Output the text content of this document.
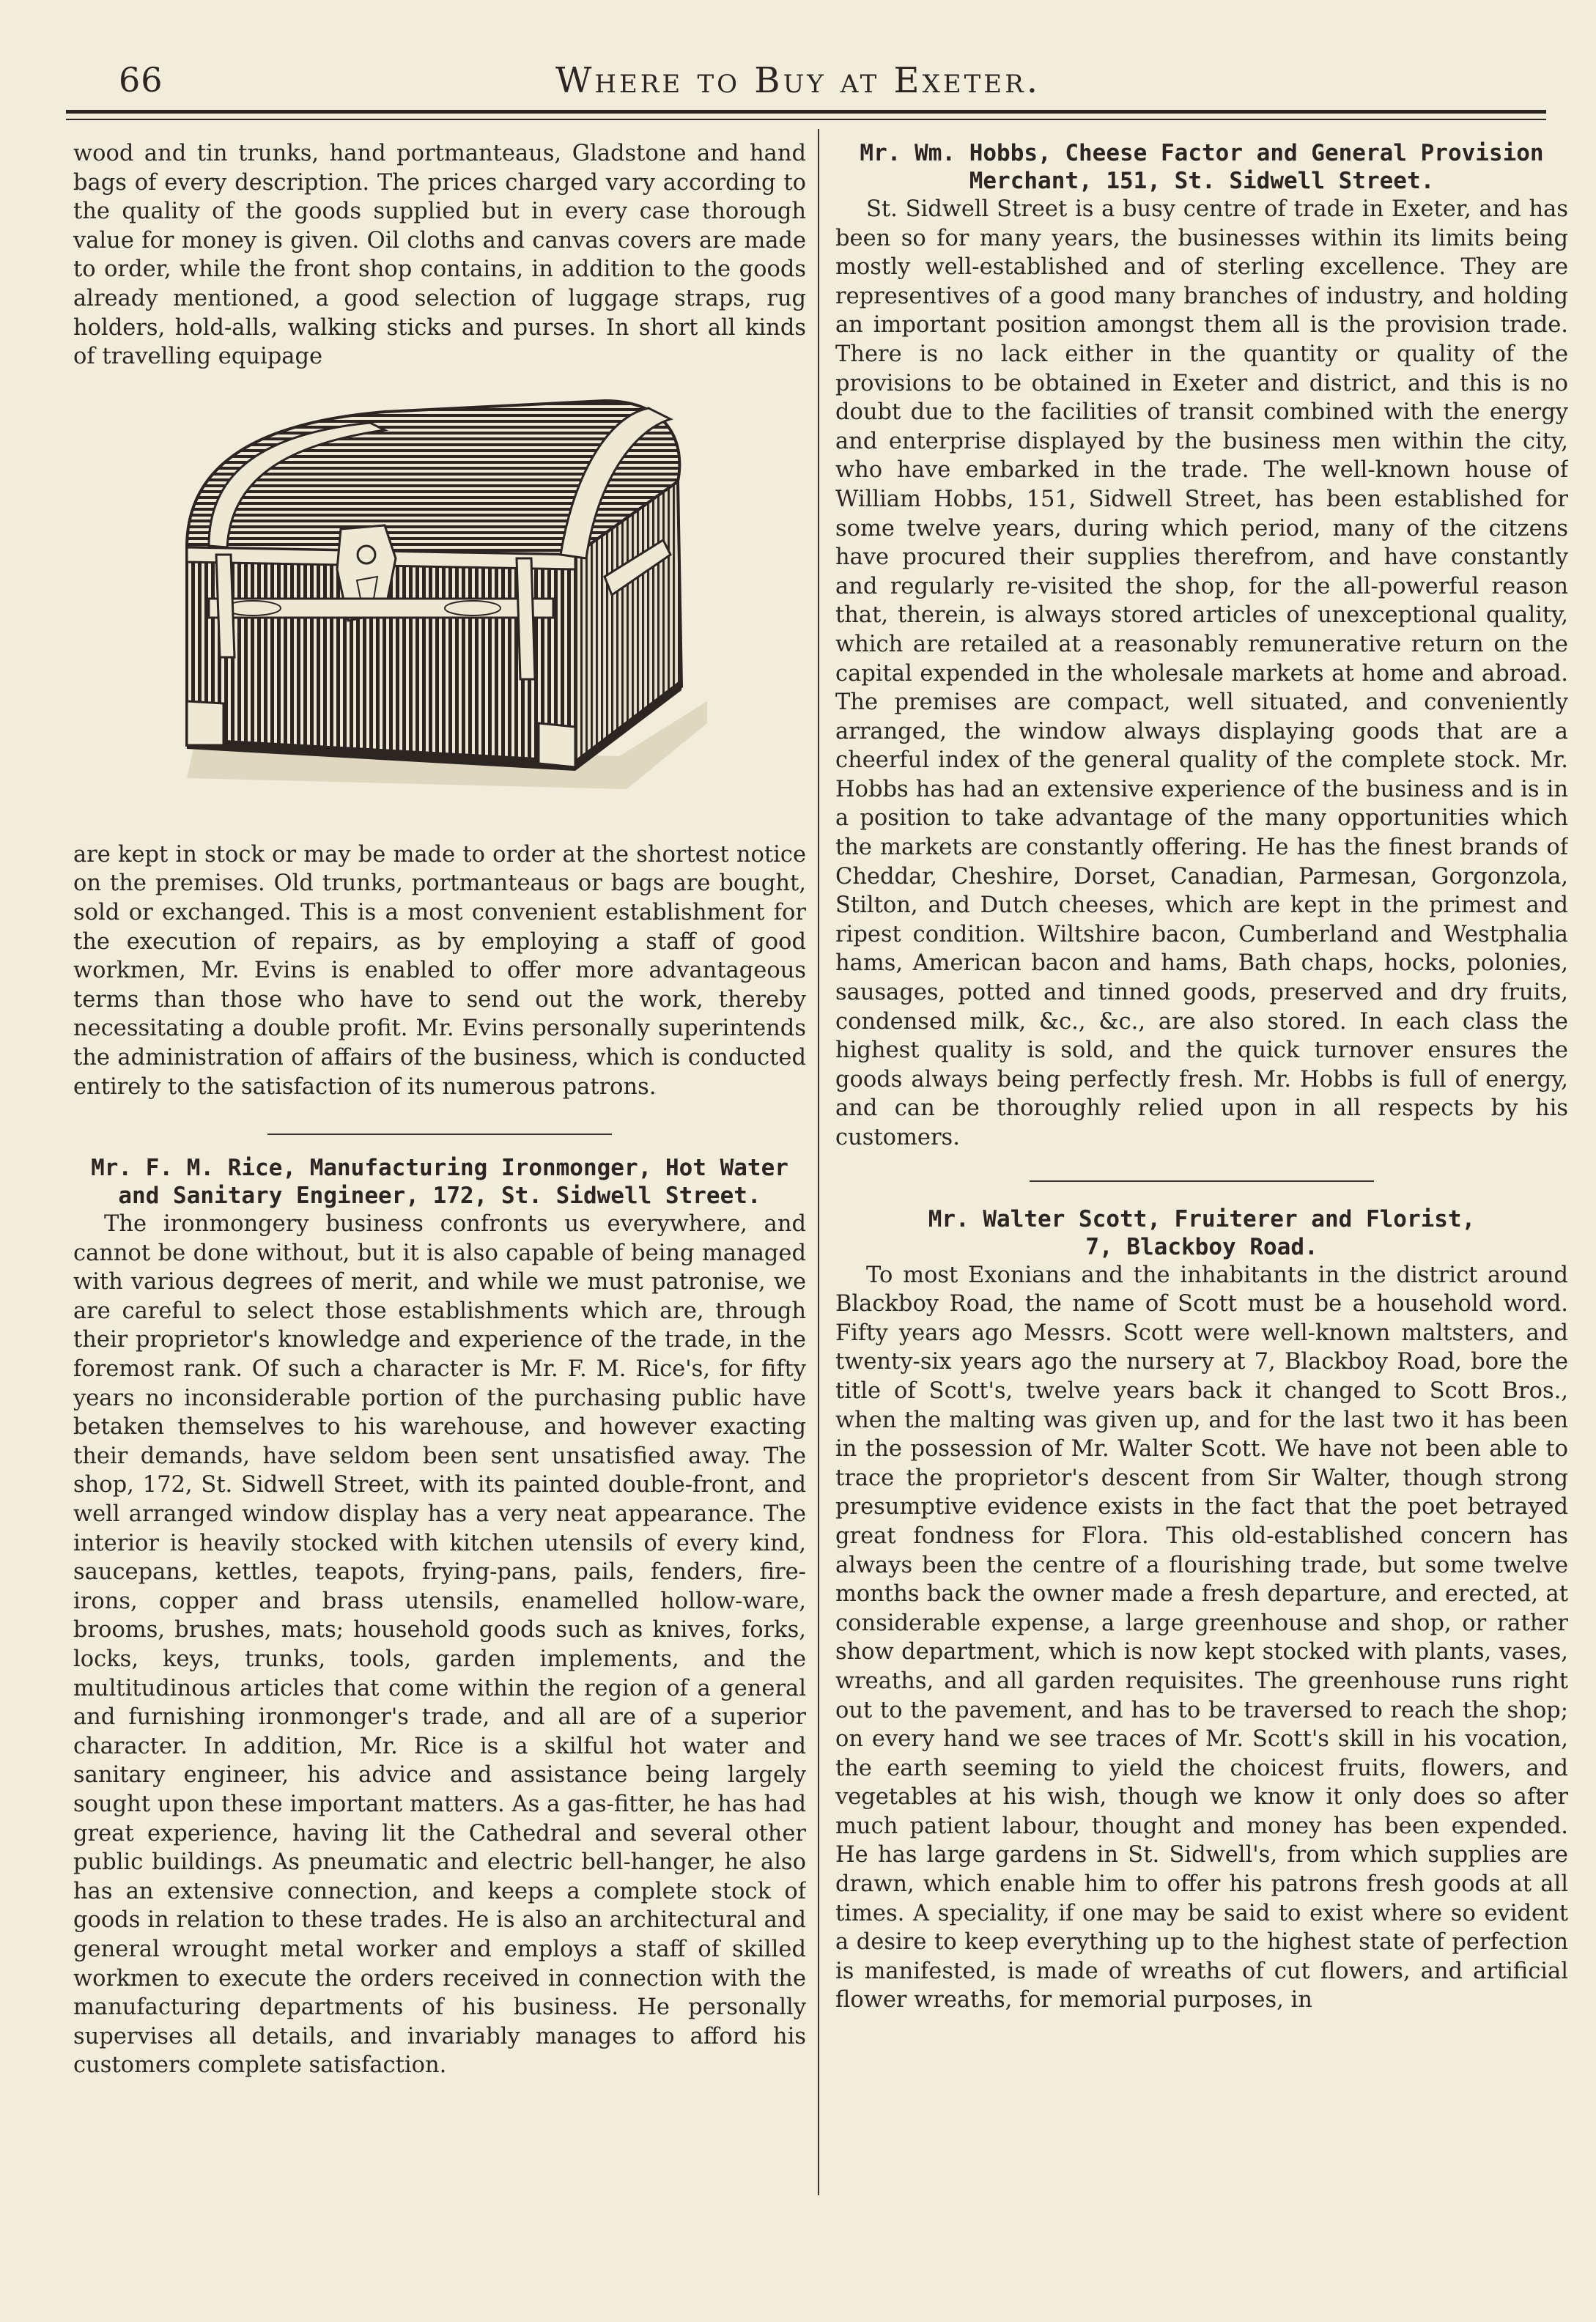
66	Where to Buy at Exeter.

wood and tin trunks, hand portmanteaus, Gladstone and hand bags of every description. The prices charged vary according to the quality of the goods supplied but in every case thorough value for money is given. Oil cloths and canvas covers are made to order, while the front shop contains, in addition to the goods already mentioned, a good selection of luggage straps, rug holders, hold-alls, walking sticks and purses. In short all kinds of travelling equipage

are kept in stock or may be made to order at the shortest notice on the premises. Old trunks, portmanteaus or bags are bought, sold or exchanged. This is a most convenient establishment for the execution of repairs, as by employing a staff of good workmen, Mr. Evins is enabled to offer more advantageous terms than those who have to send out the work, thereby necessitating a double profit. Mr. Evins personally superintends the administration of affairs of the business, which is conducted entirely to the satisfaction of its numerous patrons.

Mr. F. M. Rice, Manufacturing Ironmonger, Hot Water
and Sanitary Engineer, 172, St. Sidwell Street.

The ironmongery business confronts us everywhere, and cannot be done without, but it is also capable of being managed with various degrees of merit, and while we must patronise, we are careful to select those establishments which are, through their proprietor's knowledge and experience of the trade, in the foremost rank. Of such a character is Mr. F. M. Rice's, for fifty years no inconsiderable portion of the purchasing public have betaken themselves to his warehouse, and however exacting their demands, have seldom been sent unsatisfied away. The shop, 172, St. Sidwell Street, with its painted double-front, and well arranged window display has a very neat appearance. The interior is heavily stocked with kitchen utensils of every kind, saucepans, kettles, teapots, frying-pans, pails, fenders, fire-irons, copper and brass utensils, enamelled hollow-ware, brooms, brushes, mats; household goods such as knives, forks, locks, keys, trunks, tools, garden implements, and the multitudinous articles that come within the region of a general and furnishing ironmonger's trade, and all are of a superior character. In addition, Mr. Rice is a skilful hot water and sanitary engineer, his advice and assistance being largely sought upon these important matters. As a gas-fitter, he has had great experience, having lit the Cathedral and several other public buildings. As pneumatic and electric bell-hanger, he also has an extensive connection, and keeps a complete stock of goods in relation to these trades. He is also an architectural and general wrought metal worker and employs a staff of skilled workmen to execute the orders received in connection with the manufacturing departments of his business. He personally supervises all details, and invariably manages to afford his customers complete satisfaction.

Mr. Wm. Hobbs, Cheese Factor and General Provision
Merchant, 151, St. Sidwell Street.

St. Sidwell Street is a busy centre of trade in Exeter, and has been so for many years, the businesses within its limits being mostly well-established and of sterling excellence. They are representives of a good many branches of industry, and holding an important position amongst them all is the provision trade. There is no lack either in the quantity or quality of the provisions to be obtained in Exeter and district, and this is no doubt due to the facilities of transit combined with the energy and enterprise displayed by the business men within the city, who have embarked in the trade. The well-known house of William Hobbs, 151, Sidwell Street, has been established for some twelve years, during which period, many of the citzens have procured their supplies therefrom, and have constantly and regularly re-visited the shop, for the all-powerful reason that, therein, is always stored articles of unexceptional quality, which are retailed at a reasonably remunerative return on the capital expended in the wholesale markets at home and abroad. The premises are compact, well situated, and conveniently arranged, the window always displaying goods that are a cheerful index of the general quality of the complete stock. Mr. Hobbs has had an extensive experience of the business and is in a position to take advantage of the many opportunities which the markets are constantly offering. He has the finest brands of Cheddar, Cheshire, Dorset, Canadian, Parmesan, Gorgonzola, Stilton, and Dutch cheeses, which are kept in the primest and ripest condition. Wiltshire bacon, Cumberland and Westphalia hams, American bacon and hams, Bath chaps, hocks, polonies, sausages, potted and tinned goods, preserved and dry fruits, condensed milk, &c., &c., are also stored. In each class the highest quality is sold, and the quick turnover ensures the goods always being perfectly fresh. Mr. Hobbs is full of energy, and can be thoroughly relied upon in all respects by his customers.

Mr. Walter Scott, Fruiterer and Florist,
7, Blackboy Road.

To most Exonians and the inhabitants in the district around Blackboy Road, the name of Scott must be a household word. Fifty years ago Messrs. Scott were well-known maltsters, and twenty-six years ago the nursery at 7, Blackboy Road, bore the title of Scott's, twelve years back it changed to Scott Bros., when the malting was given up, and for the last two it has been in the possession of Mr. Walter Scott. We have not been able to trace the proprietor's descent from Sir Walter, though strong presumptive evidence exists in the fact that the poet betrayed great fondness for Flora. This old-established concern has always been the centre of a flourishing trade, but some twelve months back the owner made a fresh departure, and erected, at considerable expense, a large greenhouse and shop, or rather show department, which is now kept stocked with plants, vases, wreaths, and all garden requisites. The greenhouse runs right out to the pavement, and has to be traversed to reach the shop; on every hand we see traces of Mr. Scott's skill in his vocation, the earth seeming to yield the choicest fruits, flowers, and vegetables at his wish, though we know it only does so after much patient labour, thought and money has been expended. He has large gardens in St. Sidwell's, from which supplies are drawn, which enable him to offer his patrons fresh goods at all times. A speciality, if one may be said to exist where so evident a desire to keep everything up to the highest state of perfection is manifested, is made of wreaths of cut flowers, and artificial flower wreaths, for memorial purposes, in
